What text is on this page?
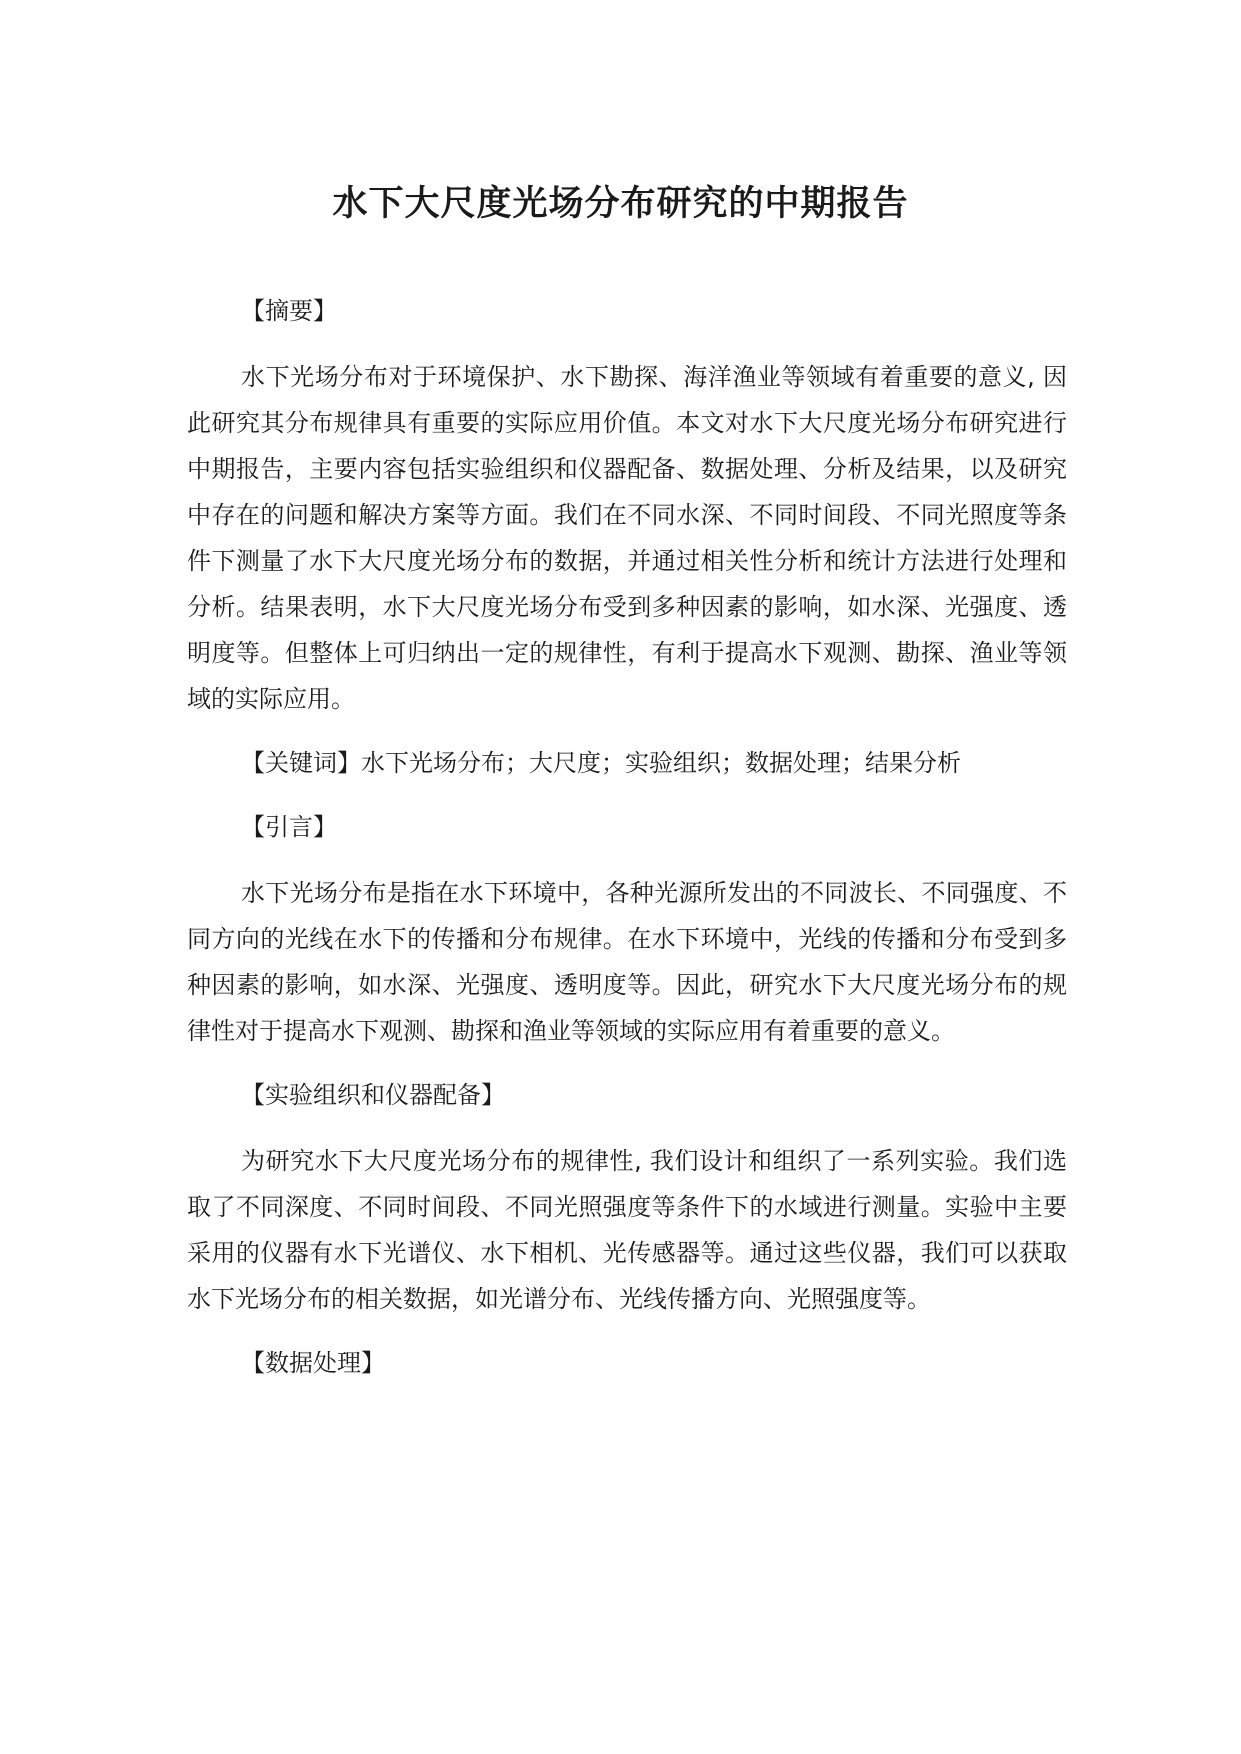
水下大尺度光场分布研究的中期报告
【摘要】

水下光场分布对于环境保护、水下勘探、海洋渔业等领域有着重要的意义, 因此研究其分布规律具有重要的实际应用价值。本文对水下大尺度光场分布研究进行中期报告，主要内容包括实验组织和仪器配备、数据处理、分析及结果，以及研究中存在的问题和解决方案等方面。我们在不同水深、不同时间段、不同光照度等条件下测量了水下大尺度光场分布的数据，并通过相关性分析和统计方法进行处理和分析。结果表明，水下大尺度光场分布受到多种因素的影响，如水深、光强度、透明度等。但整体上可归纳出一定的规律性，有利于提高水下观测、勘探、渔业等领域的实际应用。

【关键词】水下光场分布；大尺度；实验组织；数据处理；结果分析

【引言】

水下光场分布是指在水下环境中，各种光源所发出的不同波长、不同强度、不同方向的光线在水下的传播和分布规律。在水下环境中，光线的传播和分布受到多种因素的影响，如水深、光强度、透明度等。因此，研究水下大尺度光场分布的规律性对于提高水下观测、勘探和渔业等领域的实际应用有着重要的意义。

【实验组织和仪器配备】

为研究水下大尺度光场分布的规律性, 我们设计和组织了一系列实验。我们选取了不同深度、不同时间段、不同光照强度等条件下的水域进行测量。实验中主要采用的仪器有水下光谱仪、水下相机、光传感器等。通过这些仪器，我们可以获取水下光场分布的相关数据，如光谱分布、光线传播方向、光照强度等。

【数据处理】
